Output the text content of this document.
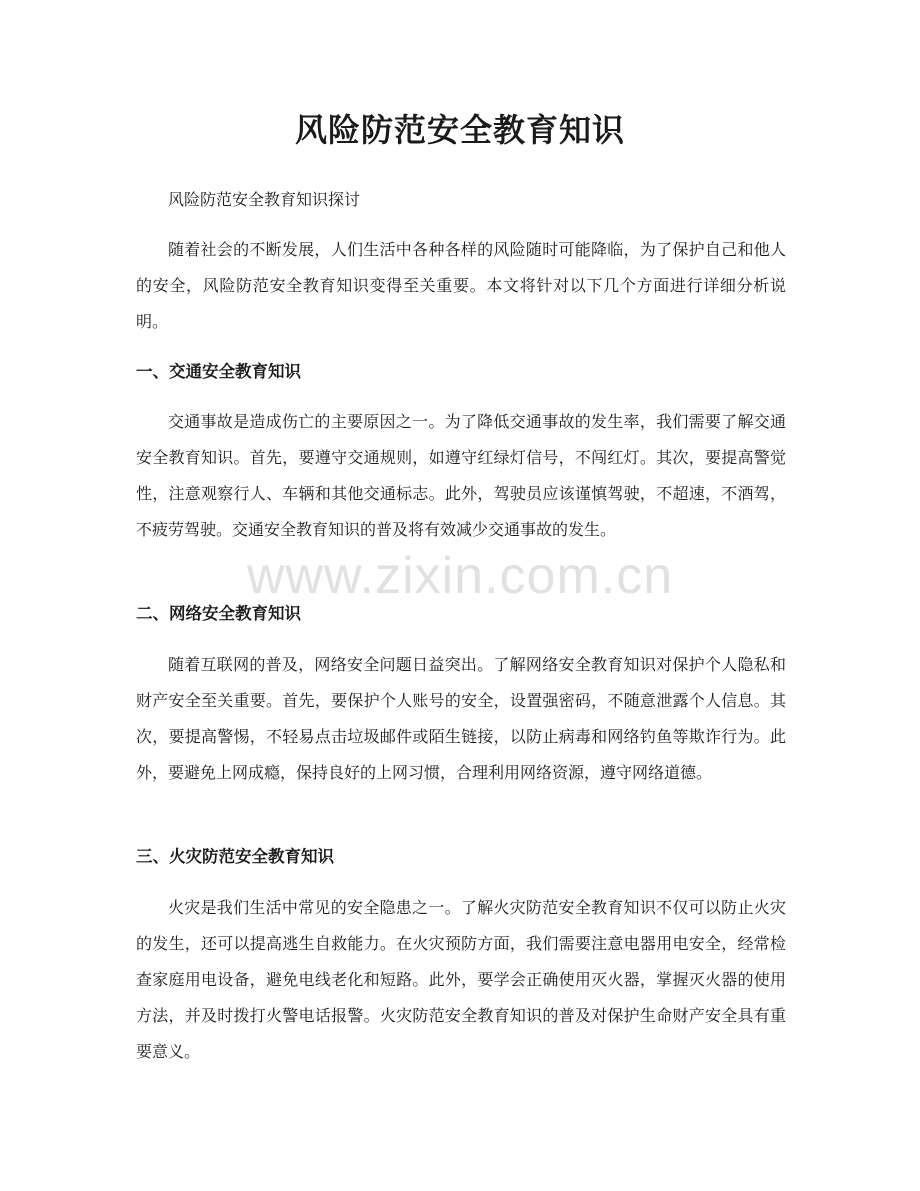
风险防范安全教育知识
风险防范安全教育知识探讨
随着社会的不断发展，人们生活中各种各样的风险随时可能降临，为了保护自己和他人的安全，风险防范安全教育知识变得至关重要。本文将针对以下几个方面进行详细分析说明。
一、交通安全教育知识
交通事故是造成伤亡的主要原因之一。为了降低交通事故的发生率，我们需要了解交通安全教育知识。首先，要遵守交通规则，如遵守红绿灯信号，不闯红灯。其次，要提高警觉性，注意观察行人、车辆和其他交通标志。此外，驾驶员应该谨慎驾驶，不超速，不酒驾，不疲劳驾驶。交通安全教育知识的普及将有效减少交通事故的发生。
二、网络安全教育知识
随着互联网的普及，网络安全问题日益突出。了解网络安全教育知识对保护个人隐私和财产安全至关重要。首先，要保护个人账号的安全，设置强密码，不随意泄露个人信息。其次，要提高警惕，不轻易点击垃圾邮件或陌生链接，以防止病毒和网络钓鱼等欺诈行为。此外，要避免上网成瘾，保持良好的上网习惯，合理利用网络资源，遵守网络道德。
三、火灾防范安全教育知识
火灾是我们生活中常见的安全隐患之一。了解火灾防范安全教育知识不仅可以防止火灾的发生，还可以提高逃生自救能力。在火灾预防方面，我们需要注意电器用电安全，经常检查家庭用电设备，避免电线老化和短路。此外，要学会正确使用灭火器，掌握灭火器的使用方法，并及时拨打火警电话报警。火灾防范安全教育知识的普及对保护生命财产安全具有重要意义。
www.zixin.com.cn
